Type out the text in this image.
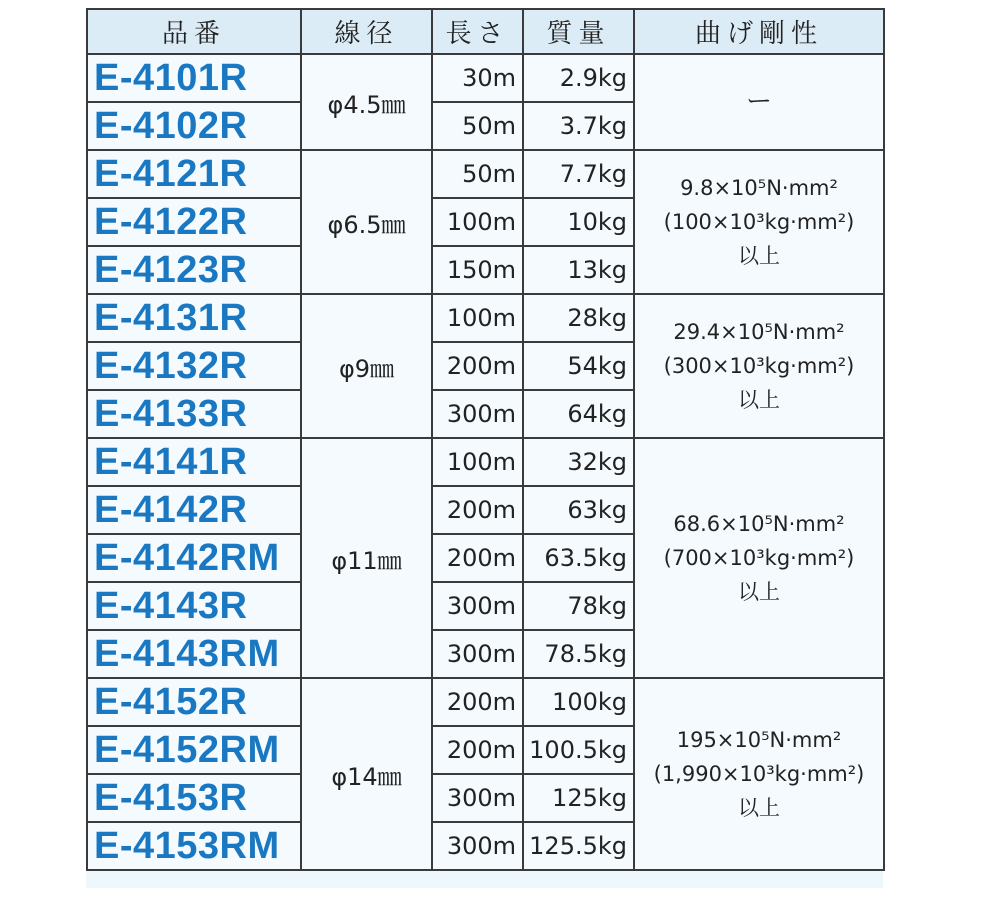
品番	線径	長さ	質量	曲げ剛性
E-4101R	φ4.5㎜	30m	2.9kg	ー

E-4102R		50m	3.7kg	
E-4121R	φ6.5㎜	50m	7.7kg	9.8×10⁵N·mm²
(100×10³kg·mm²)
以上

E-4122R		100m	10kg	
E-4123R		150m	13kg	
E-4131R	φ9㎜	100m	28kg	29.4×10⁵N·mm²
(300×10³kg·mm²)
以上

E-4132R		200m	54kg	
E-4133R		300m	64kg	
E-4141R	φ11㎜	100m	32kg	68.6×10⁵N·mm²
(700×10³kg·mm²)
以上

E-4142R		200m	63kg	
E-4142RM		200m	63.5kg	
E-4143R		300m	78kg	
E-4143RM		300m	78.5kg	
E-4152R	φ14㎜	200m	100kg	195×10⁵N·mm²
(1,990×10³kg·mm²)
以上

E-4152RM		200m	100.5kg	
E-4153R		300m	125kg	
E-4153RM		300m	125.5kg	
